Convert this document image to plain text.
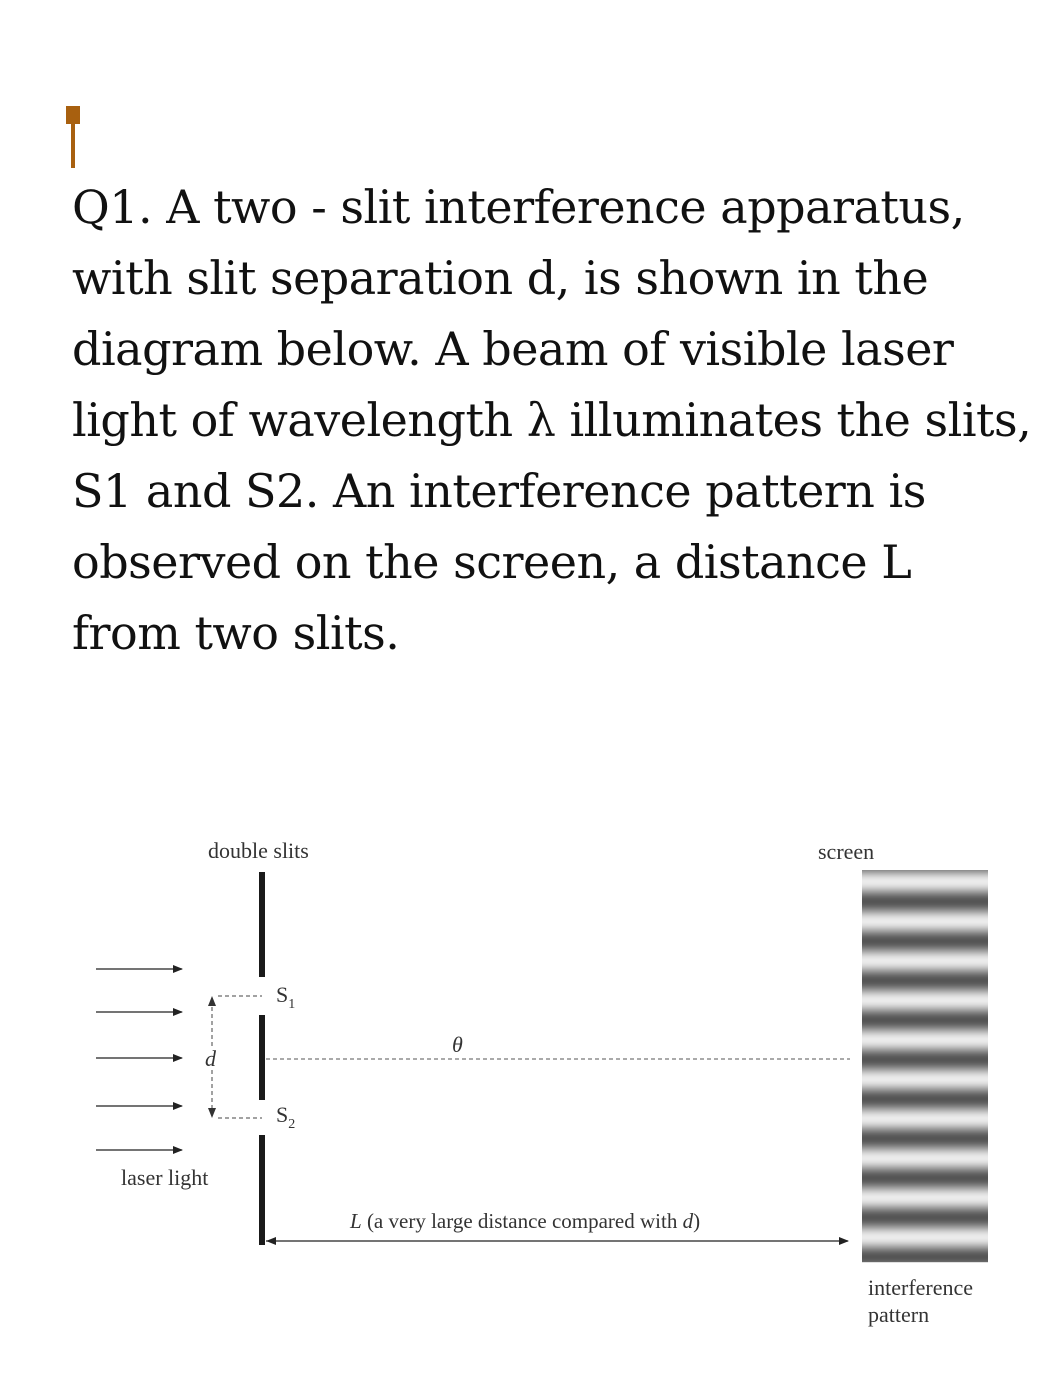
Q1. A two - slit interference apparatus, with slit separation d, is shown in the diagram below. A beam of visible laser light of wavelength λ illuminates the slits, S1 and S2. An interference pattern is observed on the screen, a distance L from two slits.

double slits	screen
d
$S_1$
$S_2$
θ
laser light
L (a very large distance compared with d)
interference
pattern
